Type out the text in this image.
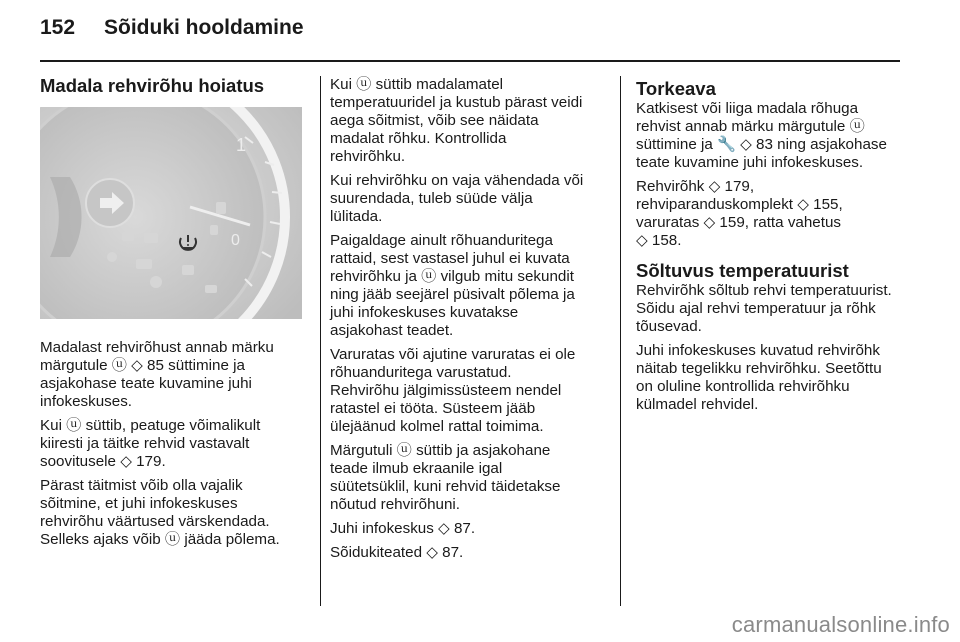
152	Sõiduki hooldamine
Madala rehvirõhu hoiatus
1
0

Madalast rehvirõhust annab märku
märgutule ⓤ ◇ 85 süttimine ja
asjakohase teate kuvamine juhi
infokeskuses.

Kui ⓤ süttib, peatuge võimalikult
kiiresti ja täitke rehvid vastavalt
soovitusele ◇ 179.

Pärast täitmist võib olla vajalik
sõitmine, et juhi infokeskuses
rehvirõhu väärtused värskendada.
Selleks ajaks võib ⓤ jääda põlema.

Kui ⓤ süttib madalamatel
temperatuuridel ja kustub pärast veidi
aega sõitmist, võib see näidata
madalat rõhku. Kontrollida
rehvirõhku.

Kui rehvirõhku on vaja vähendada või
suurendada, tuleb süüde välja
lülitada.

Paigaldage ainult rõhuanduritega
rattaid, sest vastasel juhul ei kuvata
rehvirõhku ja ⓤ vilgub mitu sekundit
ning jääb seejärel püsivalt põlema ja
juhi infokeskuses kuvatakse
asjakohast teadet.

Varuratas või ajutine varuratas ei ole
rõhuanduritega varustatud.
Rehvirõhu jälgimissüsteem nendel
ratastel ei tööta. Süsteem jääb
ülejäänud kolmel rattal toimima.

Märgutuli ⓤ süttib ja asjakohane
teade ilmub ekraanile igal
süütetsüklil, kuni rehvid täidetakse
nõutud rehvirõhuni.

Juhi infokeskus ◇ 87.

Sõidukiteated ◇ 87.

Torkeava

Katkisest või liiga madala rõhuga
rehvist annab märku märgutule ⓤ
süttimine ja 🔧 ◇ 83 ning asjakohase
teate kuvamine juhi infokeskuses.

Rehvirõhk ◇ 179,
rehviparanduskomplekt ◇ 155,
varuratas ◇ 159, ratta vahetus
◇ 158.

Sõltuvus temperatuurist

Rehvirõhk sõltub rehvi temperatuurist.
Sõidu ajal rehvi temperatuur ja rõhk
tõusevad.

Juhi infokeskuses kuvatud rehvirõhk
näitab tegelikku rehvirõhku. Seetõttu
on oluline kontrollida rehvirõhku
külmadel rehvidel.

carmanualsonline.info
